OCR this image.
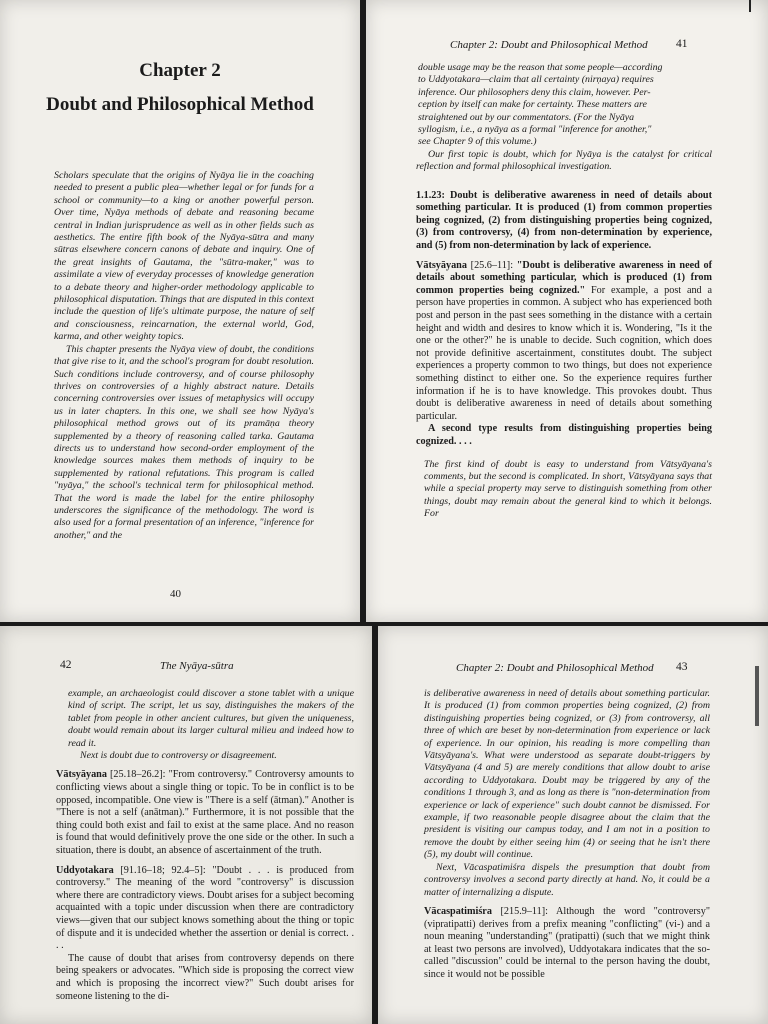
Chapter 2
Doubt and Philosophical Method

Scholars speculate that the origins of Nyāya lie in the coaching needed to present a public plea—whether legal or for funds for a school or community—to a king or another powerful person. Over time, Nyāya methods of debate and reasoning became central in Indian jurisprudence as well as in other fields such as aesthetics. The entire fifth book of the Nyāya-sūtra and many sūtras elsewhere concern canons of debate and inquiry. One of the great insights of Gautama, the "sūtra-maker," was to assimilate a view of everyday processes of knowledge generation to a debate theory and higher-order methodology applicable to philosophical disputation. Things that are disputed in this context include the question of life's ultimate purpose, the nature of self and consciousness, reincarnation, the external world, God, karma, and other weighty topics.

This chapter presents the Nyāya view of doubt, the conditions that give rise to it, and the school's program for doubt resolution. Such conditions include controversy, and of course philosophy thrives on controversies of a highly abstract nature. Details concerning controversies over issues of metaphysics will occupy us in later chapters. In this one, we shall see how Nyāya's philosophical method grows out of its pramāṇa theory supplemented by a theory of reasoning called tarka. Gautama directs us to understand how second-order employment of the knowledge sources makes them methods of inquiry to be supplemented by rational refutations. This program is called "nyāya," the school's technical term for philosophical method. That the word is made the label for the entire philosophy underscores the significance of the methodology. The word is also used for a formal presentation of an inference, "inference for another," and the

40
Chapter 2: Doubt and Philosophical Method 41

double usage may be the reason that some people—according
to Uddyotakara—claim that all certainty (nirṇaya) requires
inference. Our philosophers deny this claim, however. Per-
ception by itself can make for certainty. These matters are
straightened out by our commentators. (For the Nyāya
syllogism, i.e., a nyāya as a formal "inference for another,"
see Chapter 9 of this volume.)

Our first topic is doubt, which for Nyāya is the catalyst for critical reflection and formal philosophical investigation.

1.1.23: Doubt is deliberative awareness in need of details about something particular. It is produced (1) from common properties being cognized, (2) from distinguishing properties being cognized, (3) from controversy, (4) from non-determination by experience, and (5) from non-determination by lack of experience.

Vātsyāyana [25.6–11]: "Doubt is deliberative awareness in need of details about something particular, which is produced (1) from common properties being cognized." For example, a post and a person have properties in common. A subject who has experienced both post and person in the past sees something in the distance with a certain height and width and desires to know which it is. Wondering, "Is it the one or the other?" he is unable to decide. Such cognition, which does not provide definitive ascertainment, constitutes doubt. The subject experiences a property common to two things, but does not experience something distinct to either one. So the experience requires further information if he is to have knowledge. This provokes doubt. Thus doubt is deliberative awareness in need of details about something particular.

A second type results from distinguishing properties being cognized. . . .

The first kind of doubt is easy to understand from Vātsyāyana's comments, but the second is complicated. In short, Vātsyāyana says that while a special property may serve to distinguish something from other things, doubt may remain about the general kind to which it belongs. For

42	The Nyāya-sūtra

example, an archaeologist could discover a stone tablet with a unique kind of script. The script, let us say, distinguishes the makers of the tablet from people in other ancient cultures, but given the uniqueness, doubt would remain about its larger cultural milieu and indeed how to read it.

Next is doubt due to controversy or disagreement.

Vātsyāyana [25.18–26.2]: "From controversy." Controversy amounts to conflicting views about a single thing or topic. To be in conflict is to be opposed, incompatible. One view is "There is a self (ātman)." Another is "There is not a self (anātman)." Furthermore, it is not possible that the thing could both exist and fail to exist at the same place. And no reason is found that would definitively prove the one side or the other. In such a situation, there is doubt, an absence of ascertainment of the truth.

Uddyotakara [91.16–18; 92.4–5]: "Doubt . . . is produced from controversy." The meaning of the word "controversy" is discussion where there are contradictory views. Doubt arises for a subject becoming acquainted with a topic under discussion when there are contradictory views—given that our subject knows something about the thing or topic of dispute and it is undecided whether the assertion or denial is correct. . . .

The cause of doubt that arises from controversy depends on there being speakers or advocates. "Which side is proposing the correct view and which is proposing the incorrect view?" Such doubt arises for someone listening to the di-

Chapter 2: Doubt and Philosophical Method 43

is deliberative awareness in need of details about something particular. It is produced (1) from common properties being cognized, (2) from distinguishing properties being cognized, or (3) from controversy, all three of which are beset by non-determination from experience or lack of experience. In our opinion, his reading is more compelling than Vātsyāyana's. What were understood as separate doubt-triggers by Vātsyāyana (4 and 5) are merely conditions that allow doubt to arise according to Uddyotakara. Doubt may be triggered by any of the conditions 1 through 3, and as long as there is "non-determination from experience or lack of experience" such doubt cannot be dismissed. For example, if two reasonable people disagree about the claim that the president is visiting our campus today, and I am not in a position to remove the doubt by either seeing him (4) or seeing that he isn't there (5), my doubt will continue.

Next, Vācaspatimiśra dispels the presumption that doubt from controversy involves a second party directly at hand. No, it could be a matter of internalizing a dispute.

Vācaspatimiśra [215.9–11]: Although the word "controversy" (vipratipatti) derives from a prefix meaning "conflicting" (vi-) and a noun meaning "understanding" (pratipatti) (such that we might think at least two persons are involved), Uddyotakara indicates that the so-called "discussion" could be internal to the person having the doubt, since it would not be possible
